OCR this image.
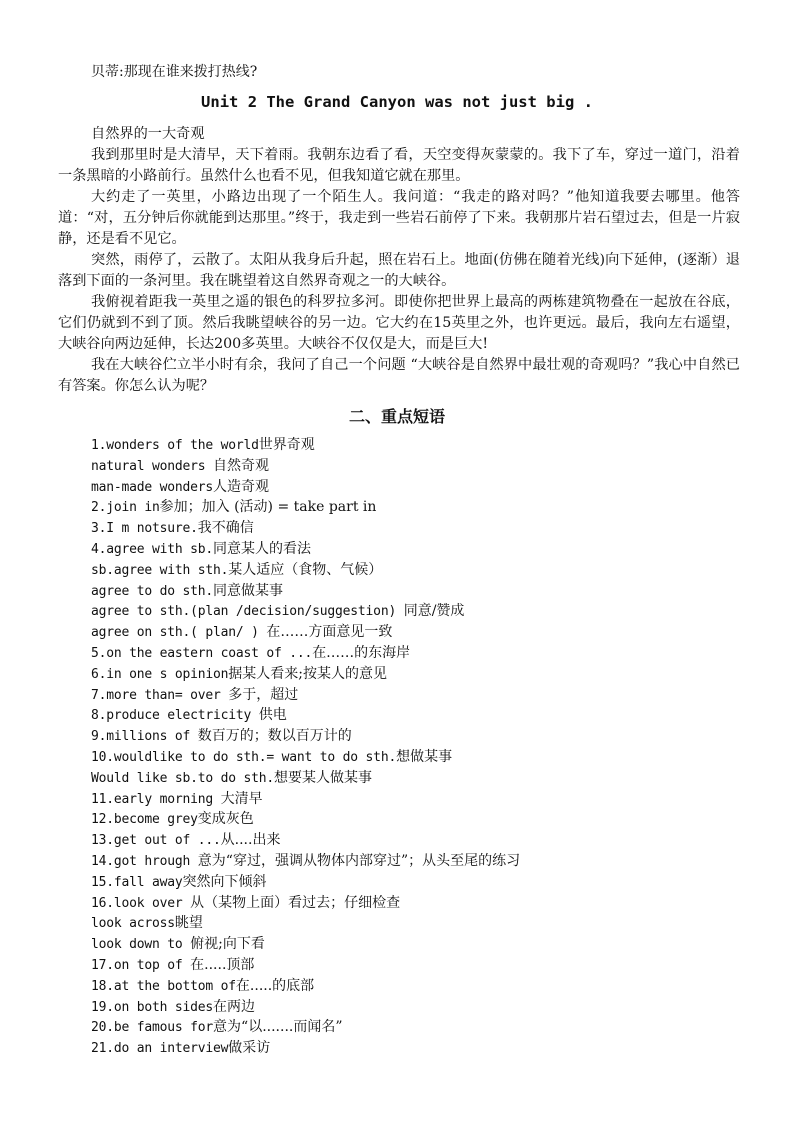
贝蒂:那现在谁来拨打热线?
Unit 2 The Grand Canyon was not just big .

自然界的一大奇观

我到那里时是大清早，天下着雨。我朝东边看了看，天空变得灰蒙蒙的。我下了车，穿过一道门，沿着一条黑暗的小路前行。虽然什么也看不见，但我知道它就在那里。

大约走了一英里，小路边出现了一个陌生人。我问道：“我走的路对吗？”他知道我要去哪里。他答道：“对，五分钟后你就能到达那里。”终于，我走到一些岩石前停了下来。我朝那片岩石望过去，但是一片寂静，还是看不见它。

突然，雨停了，云散了。太阳从我身后升起，照在岩石上。地面(仿佛在随着光线)向下延伸，(逐渐）退落到下面的一条河里。我在眺望着这自然界奇观之一的大峡谷。

我俯视着距我一英里之遥的银色的科罗拉多河。即使你把世界上最高的两栋建筑物叠在一起放在谷底，它们仍就到不到了顶。然后我眺望峡谷的另一边。它大约在15英里之外，也许更远。最后，我向左右遥望，大峡谷向两边延伸，长达200多英里。大峡谷不仅仅是大，而是巨大!

我在大峡谷伫立半小时有余，我问了自己一个问题 “大峡谷是自然界中最壮观的奇观吗？”我心中自然已有答案。你怎么认为呢？

二、重点短语
1.wonders of the world世界奇观
natural wonders 自然奇观
man-made wonders人造奇观
2.join in参加；加入 (活动) = take part in
3.I m notsure.我不确信
4.agree with sb.同意某人的看法
sb.agree with sth.某人适应（食物、气候）
agree to do sth.同意做某事
agree to sth.(plan /decision/suggestion) 同意/赞成
agree on sth.( plan/ ) 在……方面意见一致
5.on the eastern coast of ...在……的东海岸
6.in one s opinion据某人看来;按某人的意见
7.more than= over 多于，超过
8.produce electricity 供电
9.millions of 数百万的；数以百万计的
10.wouldlike to do sth.= want to do sth.想做某事
Would like sb.to do sth.想要某人做某事
11.early morning 大清早
12.become grey变成灰色
13.get out of ...从....出来
14.got hrough 意为“穿过，强调从物体内部穿过”；从头至尾的练习
15.fall away突然向下倾斜
16.look over 从（某物上面）看过去；仔细检查
look across眺望
look down to 俯视;向下看
17.on top of 在.....顶部
18.at the bottom of在.....的底部
19.on both sides在两边
20.be famous for意为“以.......而闻名”
21.do an interview做采访
